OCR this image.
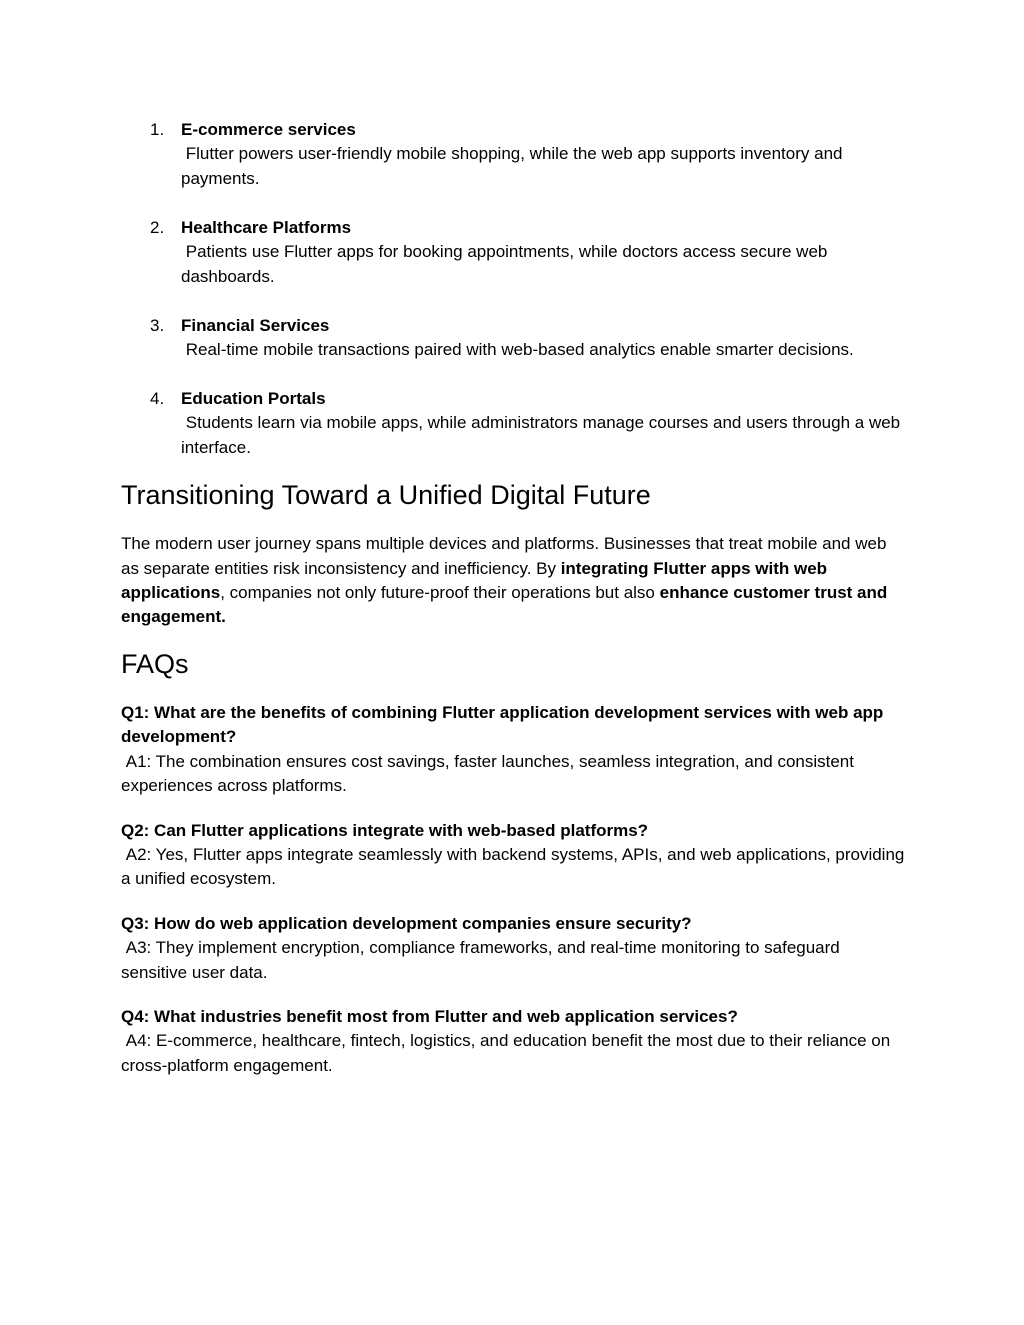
1. E-commerce services
Flutter powers user-friendly mobile shopping, while the web app supports inventory and payments.
2. Healthcare Platforms
Patients use Flutter apps for booking appointments, while doctors access secure web dashboards.
3. Financial Services
Real-time mobile transactions paired with web-based analytics enable smarter decisions.
4. Education Portals
Students learn via mobile apps, while administrators manage courses and users through a web interface.
Transitioning Toward a Unified Digital Future

The modern user journey spans multiple devices and platforms. Businesses that treat mobile and web as separate entities risk inconsistency and inefficiency. By integrating Flutter apps with web applications, companies not only future-proof their operations but also enhance customer trust and engagement.

FAQs
Q1: What are the benefits of combining Flutter application development services with web app development?
A1: The combination ensures cost savings, faster launches, seamless integration, and consistent experiences across platforms.
Q2: Can Flutter applications integrate with web-based platforms?
A2: Yes, Flutter apps integrate seamlessly with backend systems, APIs, and web applications, providing a unified ecosystem.
Q3: How do web application development companies ensure security?
A3: They implement encryption, compliance frameworks, and real-time monitoring to safeguard sensitive user data.
Q4: What industries benefit most from Flutter and web application services?
A4: E-commerce, healthcare, fintech, logistics, and education benefit the most due to their reliance on cross-platform engagement.
